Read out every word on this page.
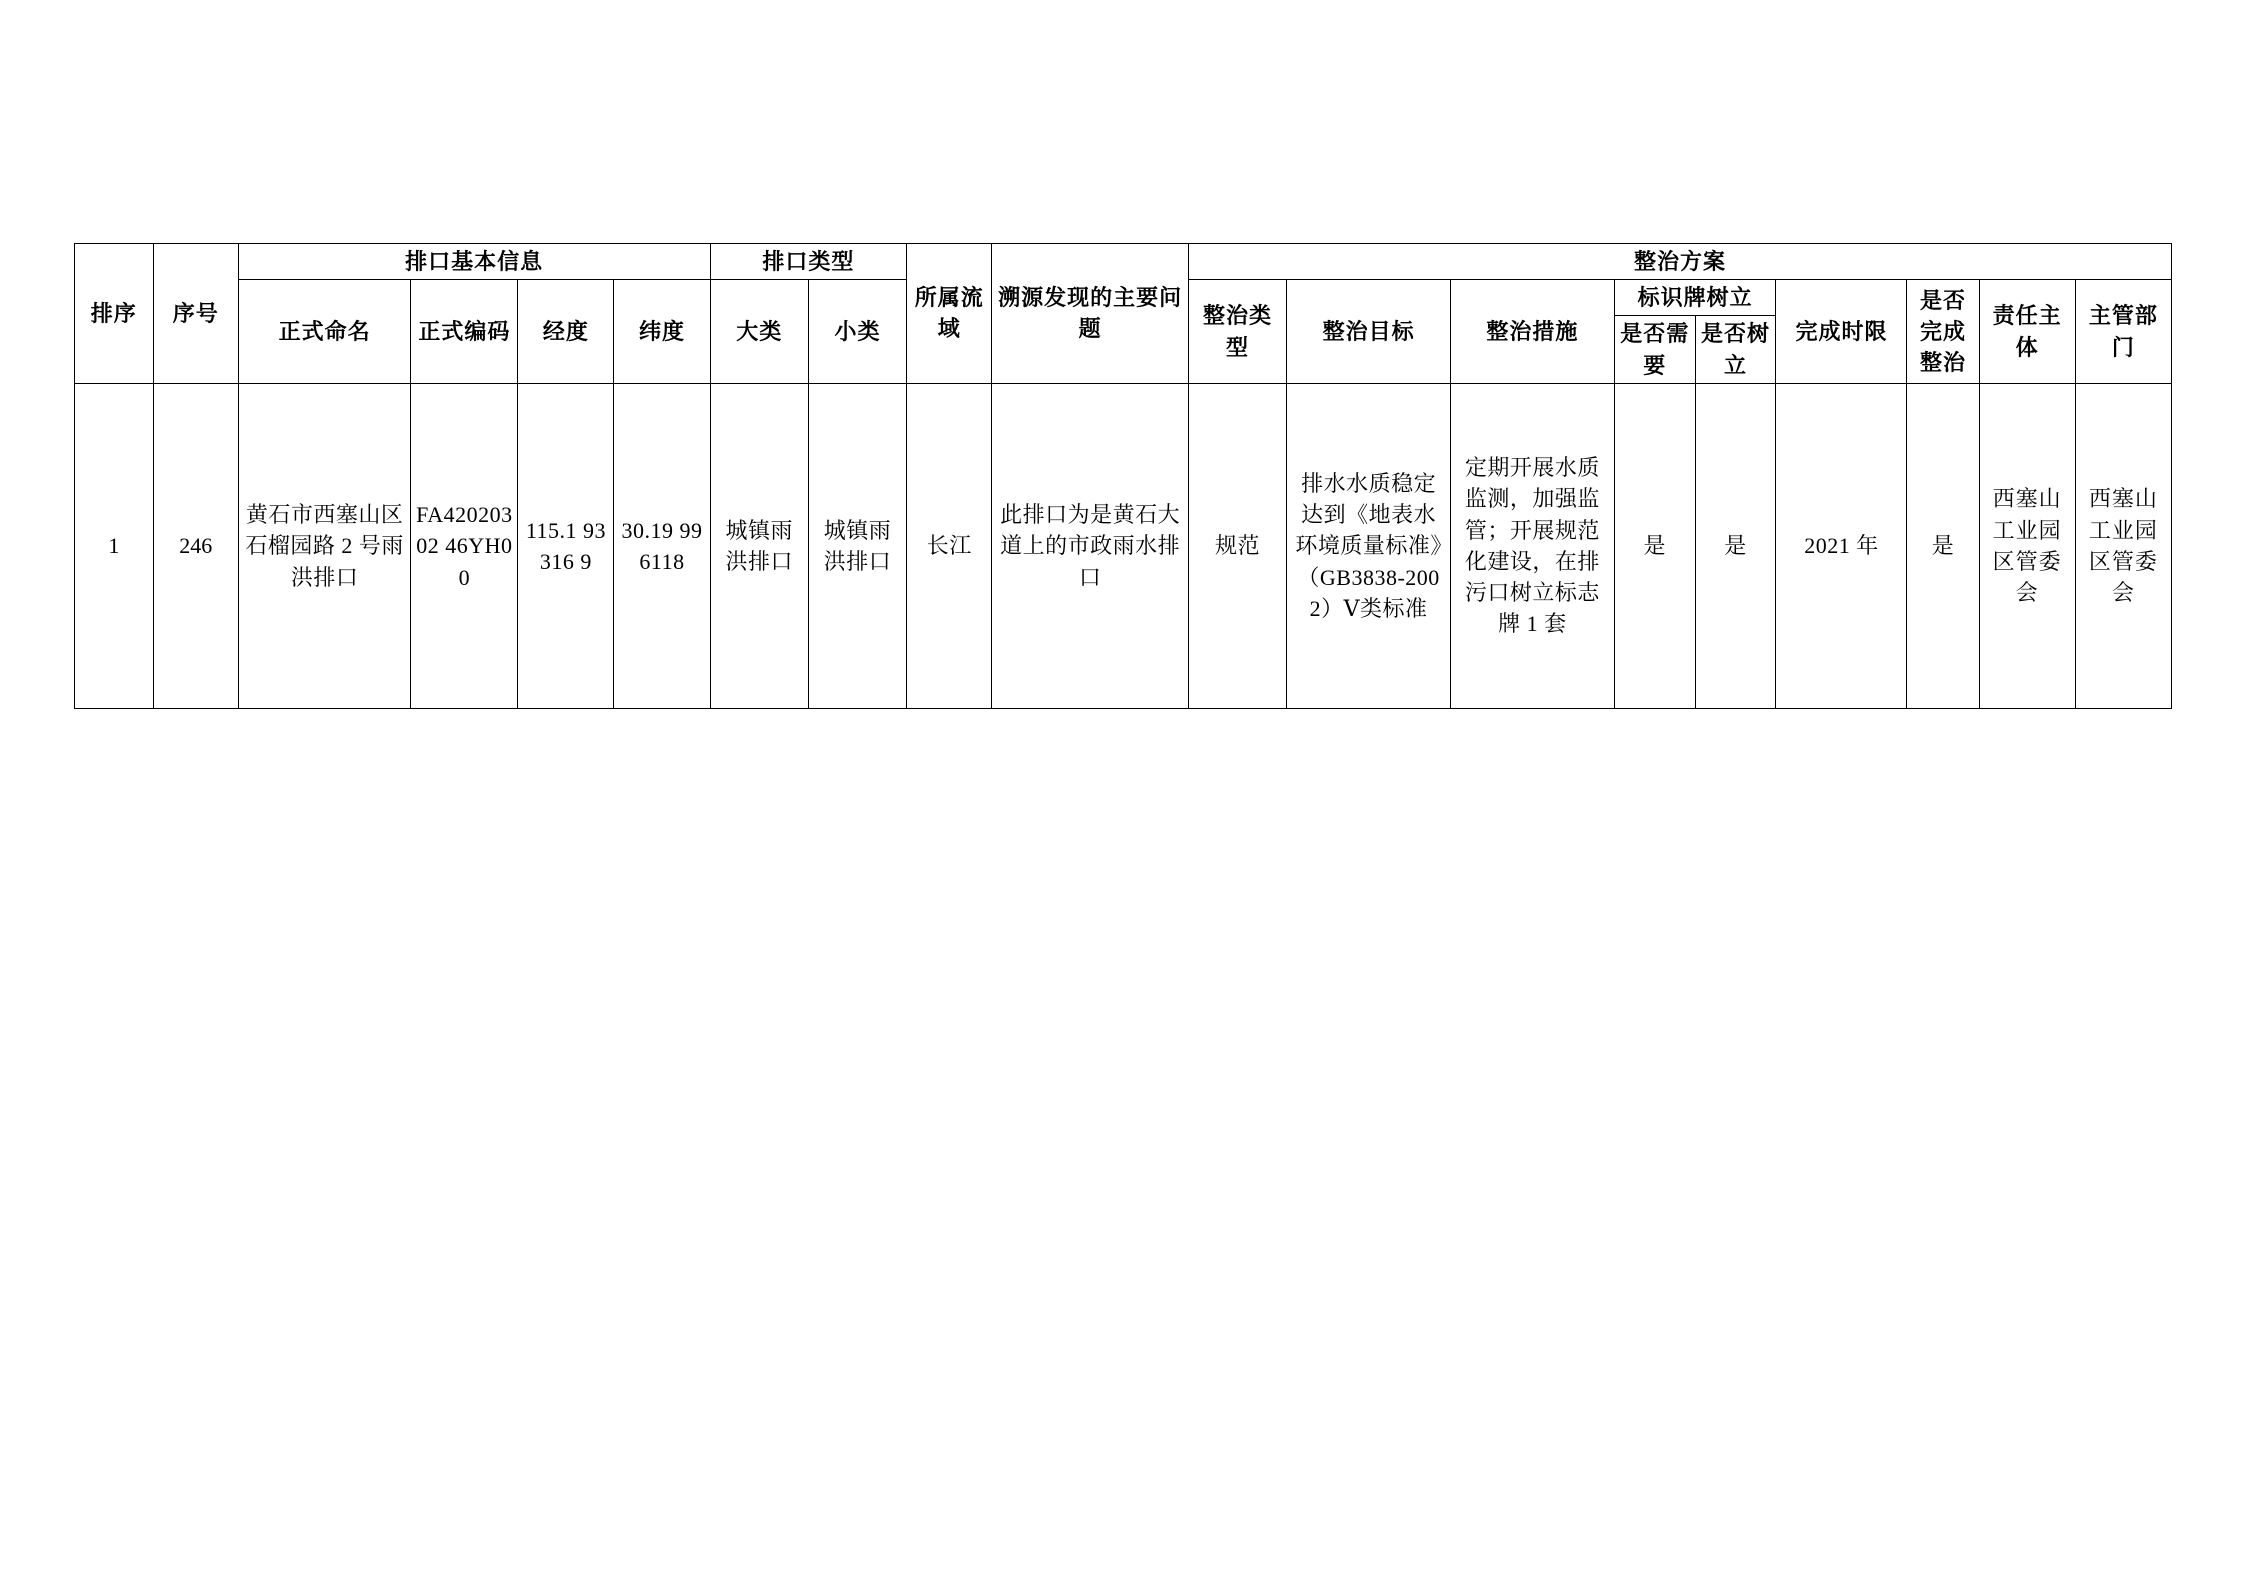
排序	序号	排口基本信息				排口类型		所属流域	溯源发现的主要问题	整治方案								
		正式命名	正式编码	经度	纬度	大类	小类			整治类型	整治目标	整治措施	标识牌树立		完成时限	是否完成整治	责任主体	主管部门
													是否需要	是否树立				
1	246	黄石市西塞山区石榴园路 2 号雨洪排口	FA42020302 46YH00	115.1 93316 9	30.19 996118	城镇雨洪排口	城镇雨洪排口	长江	此排口为是黄石大道上的市政雨水排口	规范	排水水质稳定达到《地表水环境质量标准》（GB3838-2002）Ⅴ类标准	定期开展水质监测，加强监管；开展规范化建设，在排污口树立标志牌 1 套	是	是	2021 年	是	西塞山工业园区管委会	西塞山工业园区管委会
